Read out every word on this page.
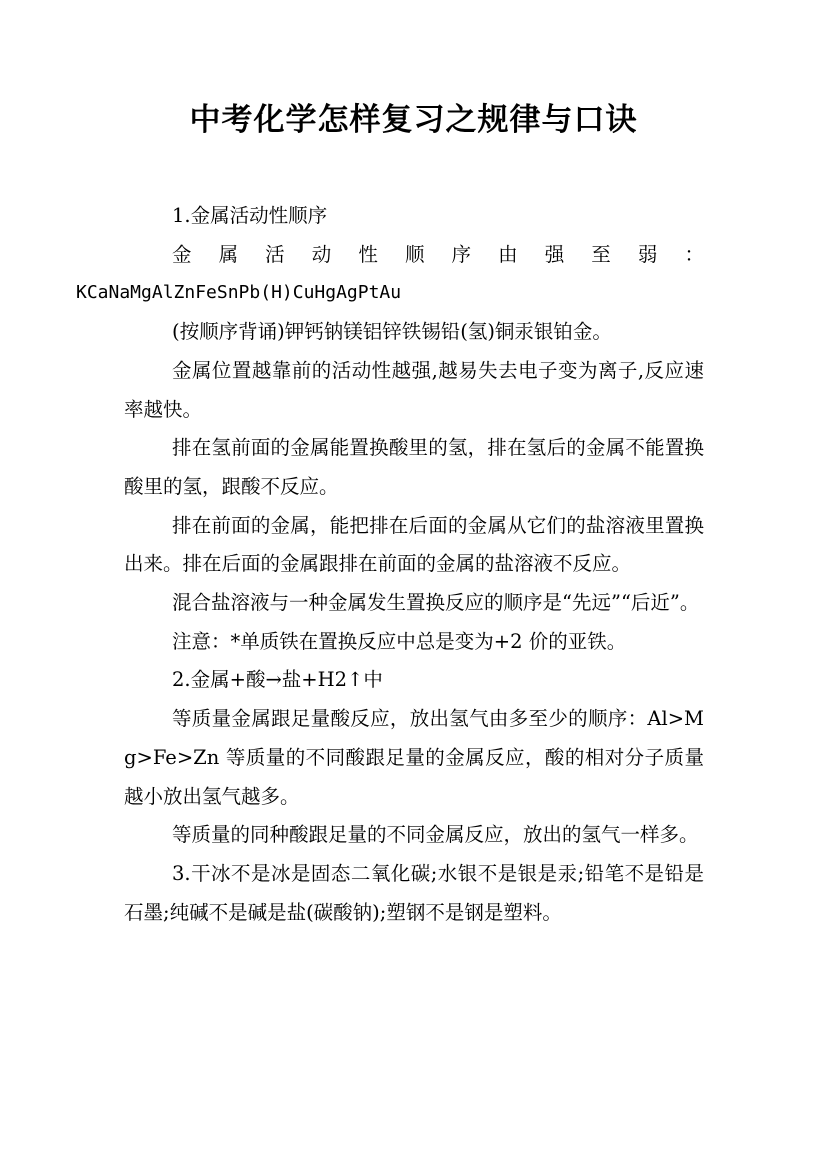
中考化学怎样复习之规律与口诀

1.金属活动性顺序

金属活动性顺序由强至弱：
KCaNaMgAlZnFeSnPb(H)CuHgAgPtAu

(按顺序背诵)钾钙钠镁铝锌铁锡铅(氢)铜汞银铂金。

金属位置越靠前的活动性越强,越易失去电子变为离子,反应速率越快。

排在氢前面的金属能置换酸里的氢，排在氢后的金属不能置换酸里的氢，跟酸不反应。

排在前面的金属，能把排在后面的金属从它们的盐溶液里置换出来。排在后面的金属跟排在前面的金属的盐溶液不反应。

混合盐溶液与一种金属发生置换反应的顺序是“先远”“后近”。

注意：*单质铁在置换反应中总是变为+2 价的亚铁。

2.金属+酸→盐+H2↑中

等质量金属跟足量酸反应，放出氢气由多至少的顺序：Al>Mg>Fe>Zn 等质量的不同酸跟足量的金属反应，酸的相对分子质量越小放出氢气越多。

等质量的同种酸跟足量的不同金属反应，放出的氢气一样多。

3.干冰不是冰是固态二氧化碳;水银不是银是汞;铅笔不是铅是石墨;纯碱不是碱是盐(碳酸钠);塑钢不是钢是塑料。
